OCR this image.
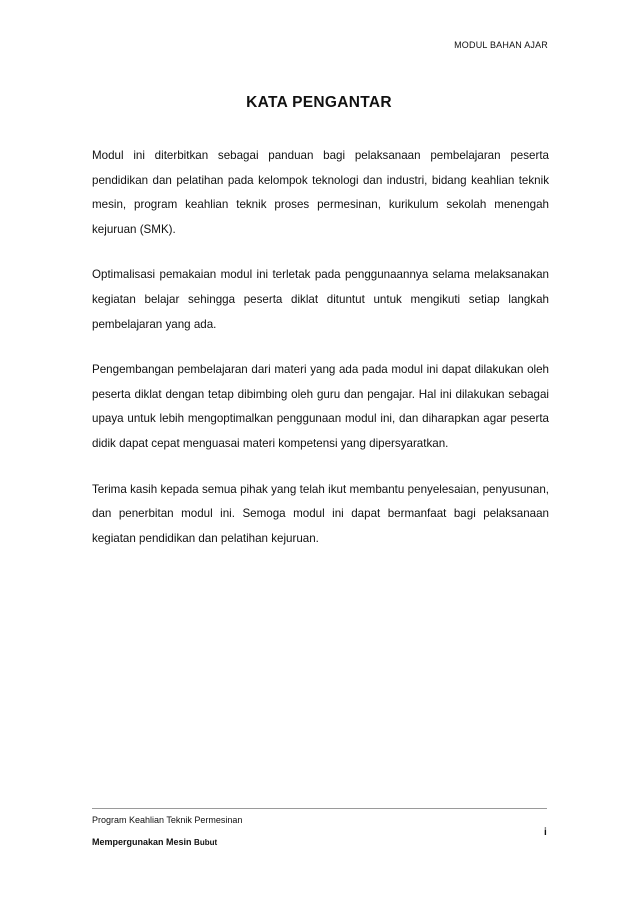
MODUL BAHAN AJAR
KATA PENGANTAR

Modul ini diterbitkan sebagai panduan bagi pelaksanaan pembelajaran peserta pendidikan dan pelatihan pada kelompok teknologi dan industri, bidang keahlian teknik mesin, program keahlian teknik proses permesinan, kurikulum sekolah menengah kejuruan (SMK).

Optimalisasi pemakaian modul ini terletak pada penggunaannya selama melaksanakan kegiatan belajar sehingga peserta diklat dituntut untuk mengikuti setiap langkah pembelajaran yang ada.

Pengembangan pembelajaran dari materi yang ada pada modul ini dapat dilakukan oleh peserta diklat dengan tetap dibimbing oleh guru dan pengajar. Hal ini dilakukan sebagai upaya untuk lebih mengoptimalkan penggunaan modul ini, dan diharapkan agar peserta didik dapat cepat menguasai materi kompetensi yang dipersyaratkan.

Terima kasih kepada semua pihak yang telah ikut membantu penyelesaian, penyusunan, dan penerbitan modul ini. Semoga modul ini dapat bermanfaat bagi pelaksanaan kegiatan pendidikan dan pelatihan kejuruan.

Program Keahlian Teknik Permesinan
Mempergunakan Mesin Bubut
i
